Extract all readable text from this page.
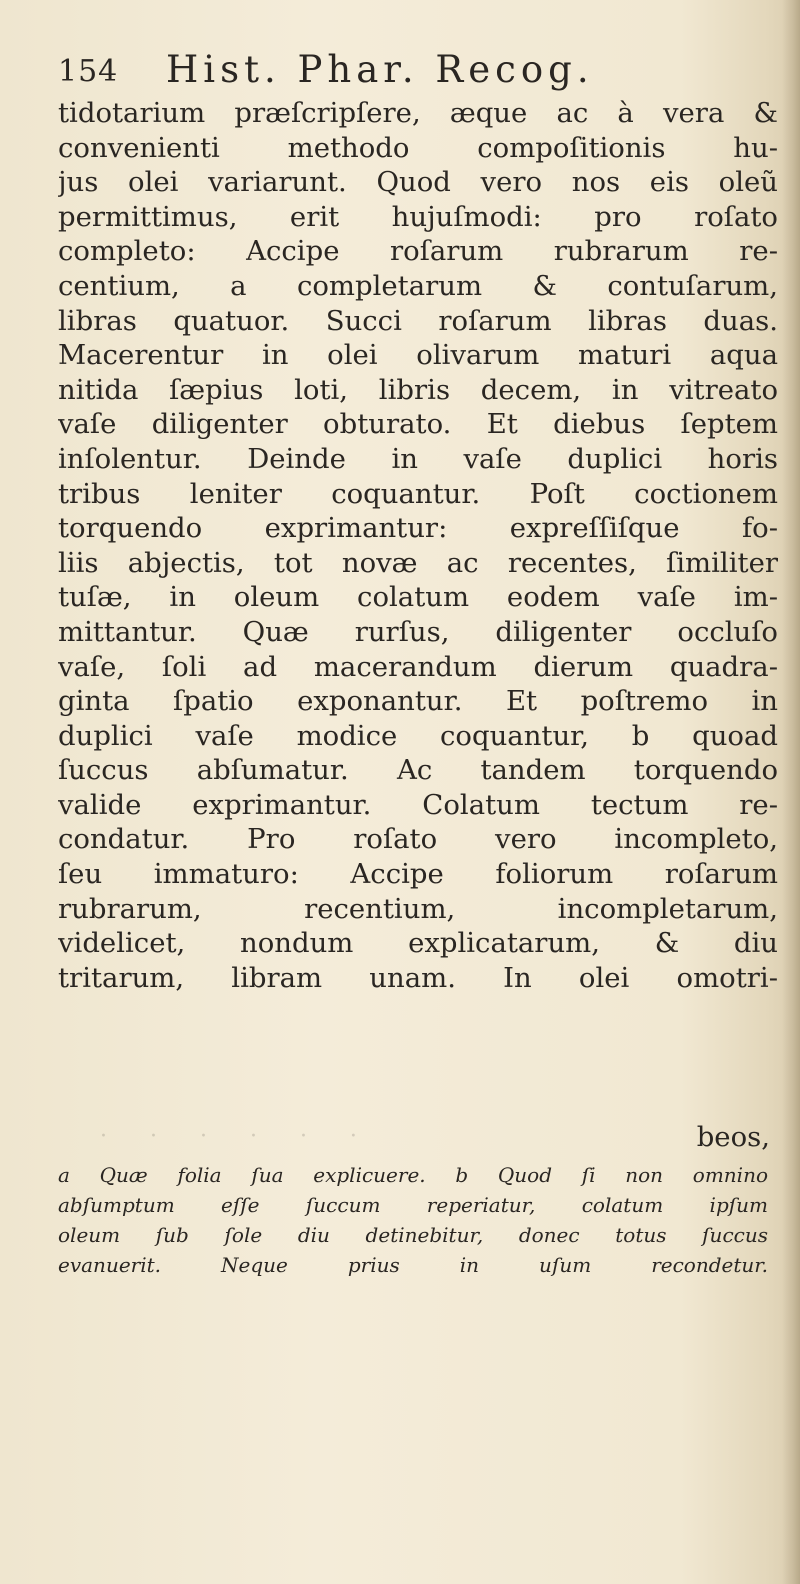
154 Hist. Phar. Recog.
tidotarium præſcripſere, æque ac à vera &
convenienti methodo compoſitionis hu-
jus olei variarunt. Quod vero nos eis oleũ
permittimus, erit hujuſmodi: pro roſato
completo: Accipe roſarum rubrarum re-
centium, a completarum & contuſarum,
libras quatuor. Succi roſarum libras duas.
Macerentur in olei olivarum maturi aqua
nitida ſæpius loti, libris decem, in vitreato
vaſe diligenter obturato. Et diebus ſeptem
inſolentur. Deinde in vaſe duplici horis
tribus leniter coquantur. Poſt coctionem
torquendo exprimantur: expreſſiſque fo-
liis abjectis, tot novæ ac recentes, ſimiliter
tuſæ, in oleum colatum eodem vaſe im-
mittantur. Quæ rurſus, diligenter occluſo
vaſe, ſoli ad macerandum dierum quadra-
ginta ſpatio exponantur. Et poſtremo in
duplici vaſe modice coquantur, b quoad
ſuccus abſumatur. Ac tandem torquendo
valide exprimantur. Colatum tectum re-
condatur. Pro roſato vero incompleto,
ſeu immaturo: Accipe foliorum roſarum
rubrarum, recentium, incompletarum,
videlicet, nondum explicatarum, & diu
tritarum, libram unam. In olei omotri-
· · · · · ·	beos,
a Quæ folia ſua explicuere. b Quod ſi non omnino
abſumptum eſſe ſuccum reperiatur, colatum ipſum
oleum ſub ſole diu detinebitur, donec totus ſuccus
evanuerit. Neque prius in uſum recondetur.
